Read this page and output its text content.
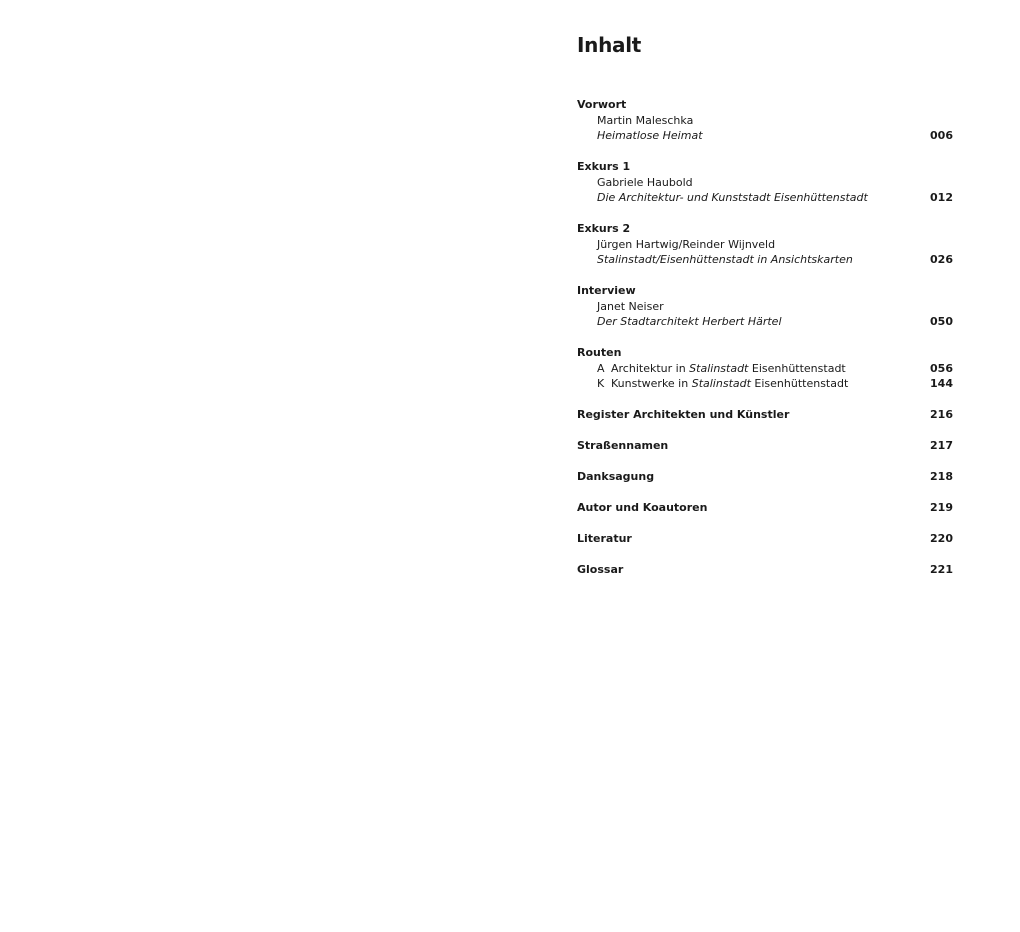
Inhalt
Vorwort
Martin Maleschka
Heimatlose Heimat	006
Exkurs 1
Gabriele Haubold
Die Architektur- und Kunststadt Eisenhüttenstadt	012
Exkurs 2
Jürgen Hartwig/Reinder Wijnveld
Stalinstadt/Eisenhüttenstadt in Ansichtskarten	026
Interview
Janet Neiser
Der Stadtarchitekt Herbert Härtel	050
Routen
A Architektur in Stalinstadt Eisenhüttenstadt	056
K Kunstwerke in Stalinstadt Eisenhüttenstadt	144
Register Architekten und Künstler	216
Straßennamen	217
Danksagung	218
Autor und Koautoren	219
Literatur	220
Glossar	221
